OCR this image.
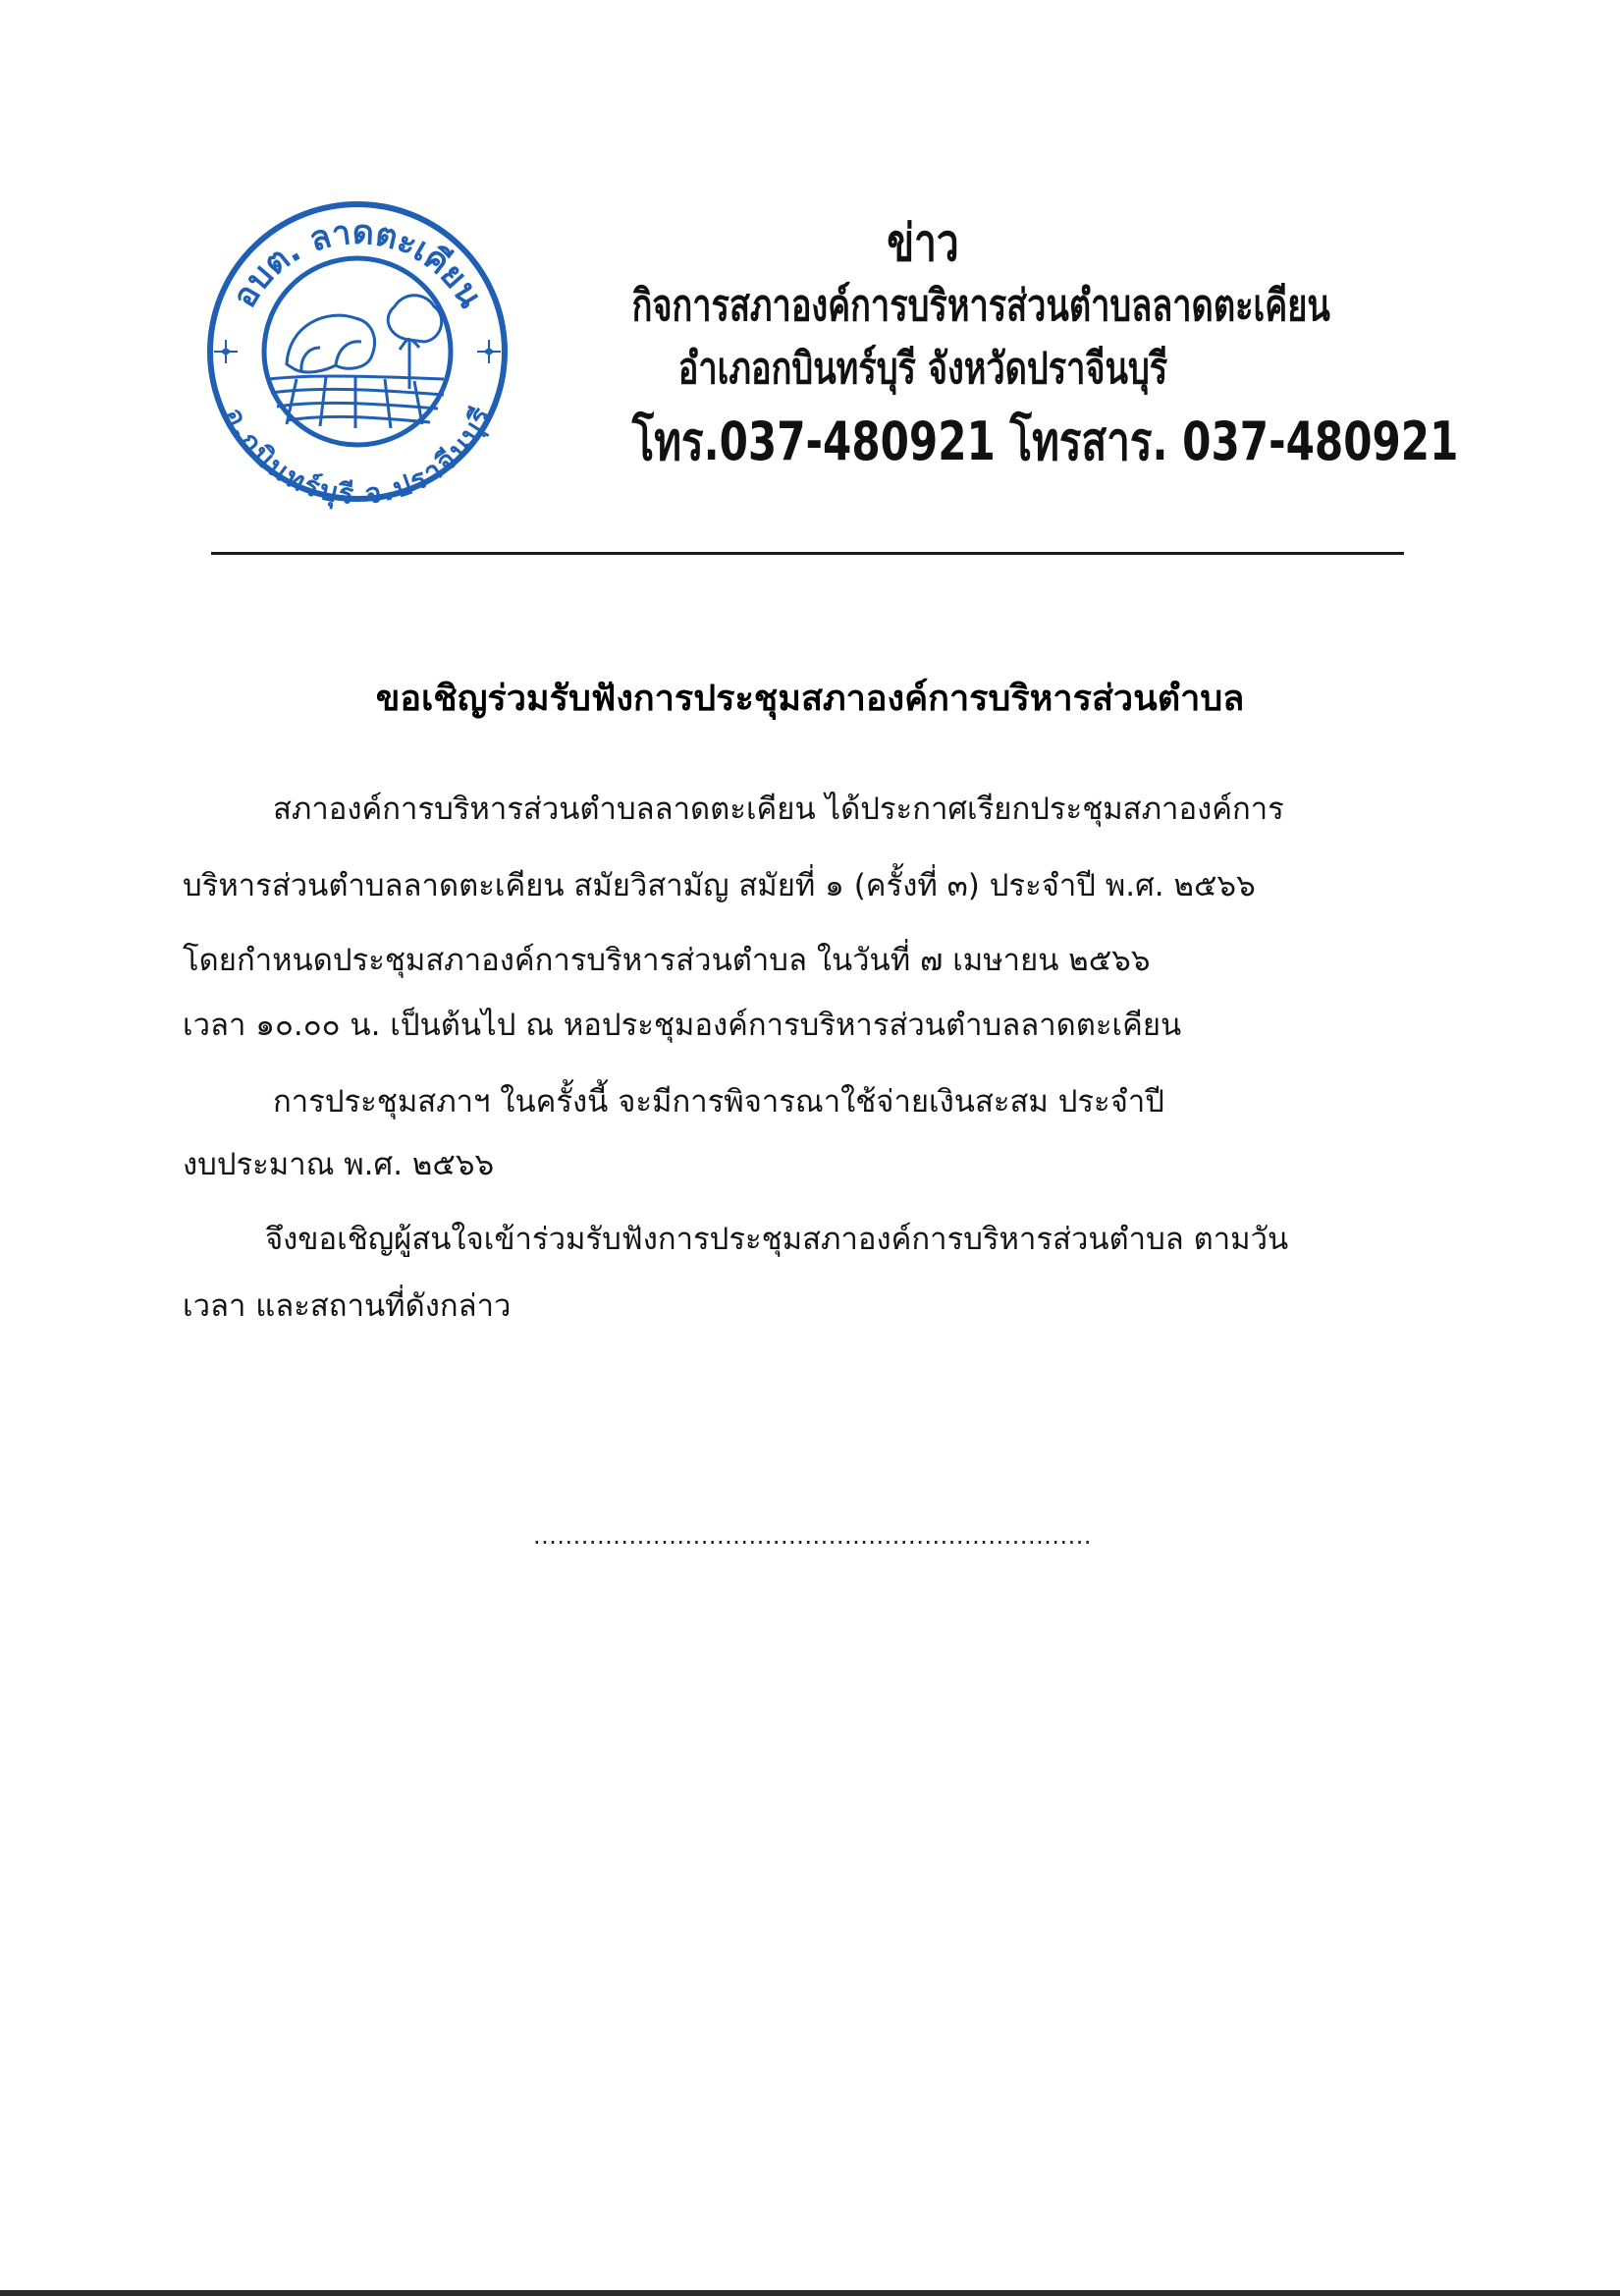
อบต. ลาดตะเคียน
อ.กบินทร์บุรี จ.ปราจีนบุรี
ข่าว
กิจการสภาองค์การบริหารส่วนตำบลลาดตะเคียน
อำเภอกบินทร์บุรี จังหวัดปราจีนบุรี
โทร.037-480921 โทรสาร. 037-480921
ขอเชิญร่วมรับฟังการประชุมสภาองค์การบริหารส่วนตำบล
สภาองค์การบริหารส่วนตำบลลาดตะเคียน ได้ประกาศเรียกประชุมสภาองค์การ
บริหารส่วนตำบลลาดตะเคียน สมัยวิสามัญ สมัยที่ ๑ (ครั้งที่ ๓) ประจำปี พ.ศ. ๒๕๖๖
โดยกำหนดประชุมสภาองค์การบริหารส่วนตำบล ในวันที่ ๗ เมษายน ๒๕๖๖
เวลา ๑๐.๐๐ น. เป็นต้นไป ณ หอประชุมองค์การบริหารส่วนตำบลลาดตะเคียน
การประชุมสภาฯ ในครั้งนี้ จะมีการพิจารณาใช้จ่ายเงินสะสม ประจำปี
งบประมาณ พ.ศ. ๒๕๖๖
จึงขอเชิญผู้สนใจเข้าร่วมรับฟังการประชุมสภาองค์การบริหารส่วนตำบล ตามวัน
เวลา และสถานที่ดังกล่าว
......................................................................
